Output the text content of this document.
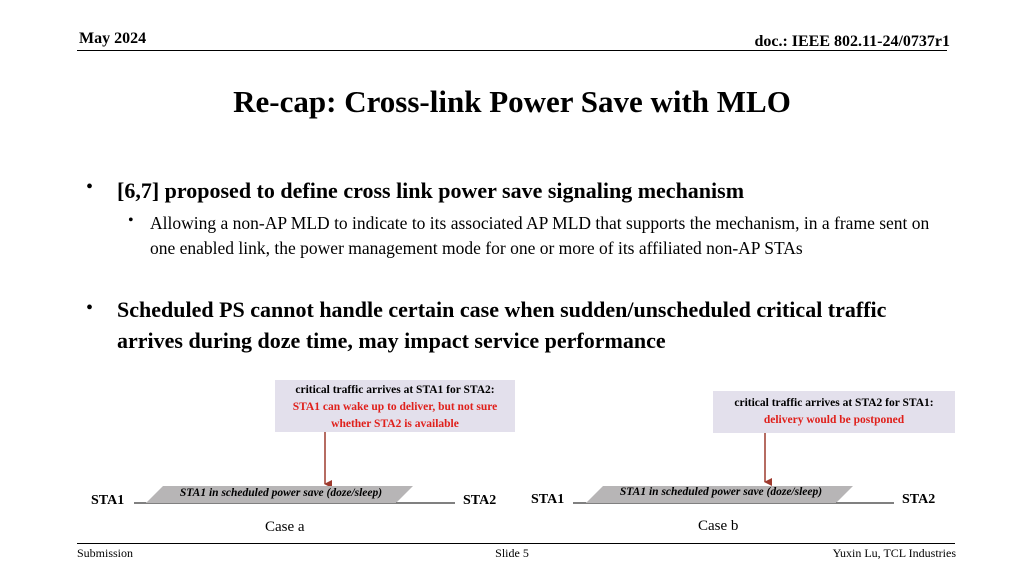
May 2024	doc.: IEEE 802.11-24/0737r1
Re-cap: Cross-link Power Save with MLO
• [6,7] proposed to define cross link power save signaling mechanism
• Allowing a non-AP MLD to indicate to its associated AP MLD that supports the mechanism, in a frame sent on one enabled link, the power management mode for one or more of its affiliated non-AP STAs
• Scheduled PS cannot handle certain case when sudden/unscheduled critical traffic arrives during doze time, may impact service performance
critical traffic arrives at STA1 for STA2:
STA1 can wake up to deliver, but not sure whether STA2 is available
critical traffic arrives at STA2 for STA1:
delivery would be postponed
STA1 in scheduled power save (doze/sleep)	STA1 in scheduled power save (doze/sleep)
STA1	STA2 STA1	STA2
Case a	Case b
Submission	Slide 5	Yuxin Lu, TCL Industries
